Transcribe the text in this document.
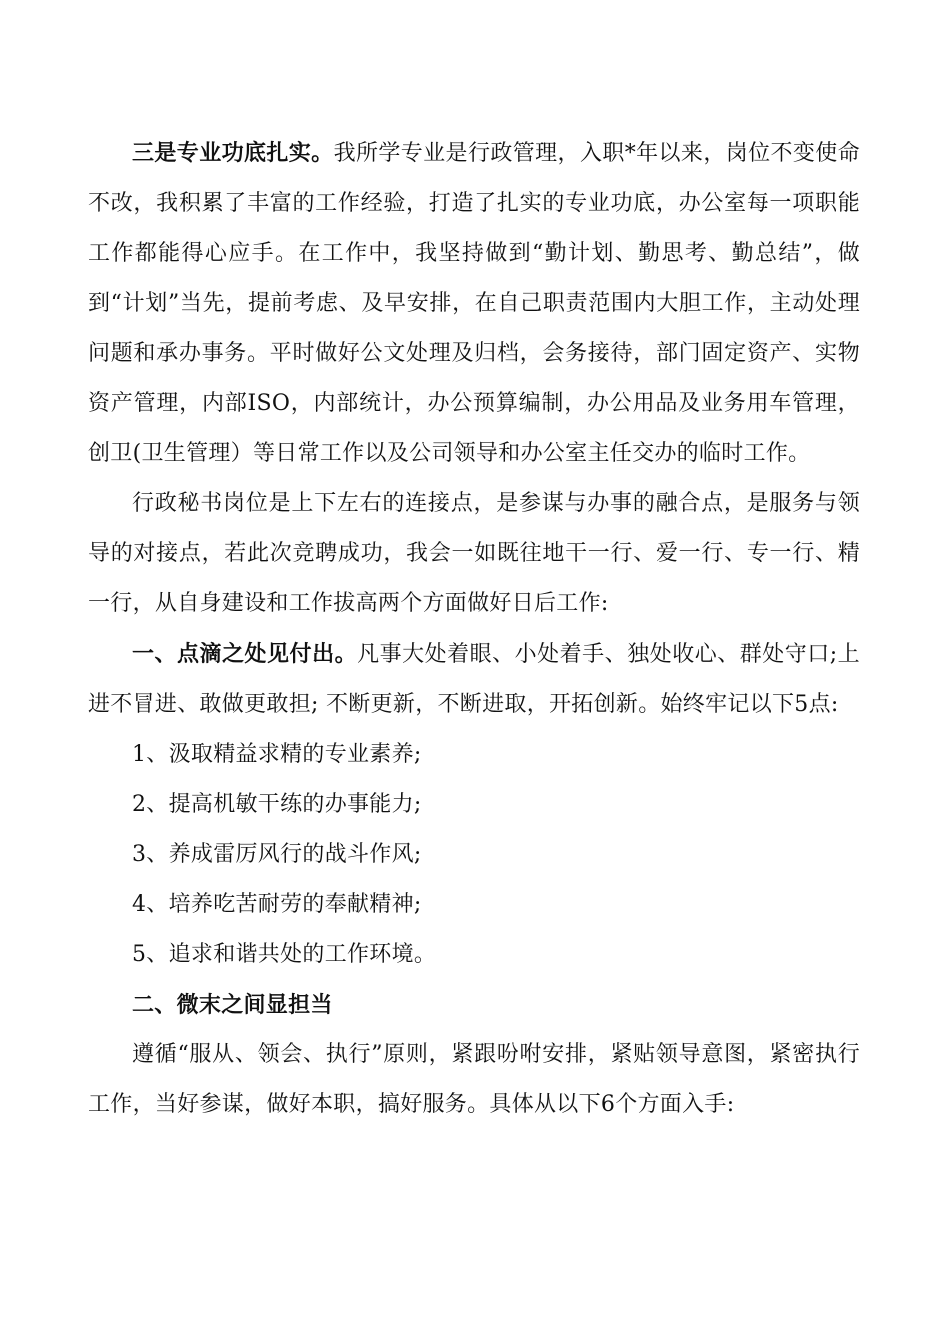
三是专业功底扎实。我所学专业是行政管理，入职*年以来，岗位不变使命不改，我积累了丰富的工作经验，打造了扎实的专业功底，办公室每一项职能工作都能得心应手。在工作中，我坚持做到“勤计划、勤思考、勤总结”，做到“计划”当先，提前考虑、及早安排，在自己职责范围内大胆工作，主动处理问题和承办事务。平时做好公文处理及归档，会务接待，部门固定资产、实物资产管理，内部ISO，内部统计，办公预算编制，办公用品及业务用车管理，创卫(卫生管理）等日常工作以及公司领导和办公室主任交办的临时工作。

行政秘书岗位是上下左右的连接点，是参谋与办事的融合点，是服务与领导的对接点，若此次竞聘成功，我会一如既往地干一行、爱一行、专一行、精一行，从自身建设和工作拔高两个方面做好日后工作:

一、点滴之处见付出。凡事大处着眼、小处着手、独处收心、群处守口;上进不冒进、敢做更敢担; 不断更新，不断进取，开拓创新。始终牢记以下5点:

1、汲取精益求精的专业素养;

2、提高机敏干练的办事能力;

3、养成雷厉风行的战斗作风;

4、培养吃苦耐劳的奉献精神;

5、追求和谐共处的工作环境。

二、微末之间显担当

遵循“服从、领会、执行”原则，紧跟吩咐安排，紧贴领导意图，紧密执行工作，当好参谋，做好本职，搞好服务。具体从以下6个方面入手:
